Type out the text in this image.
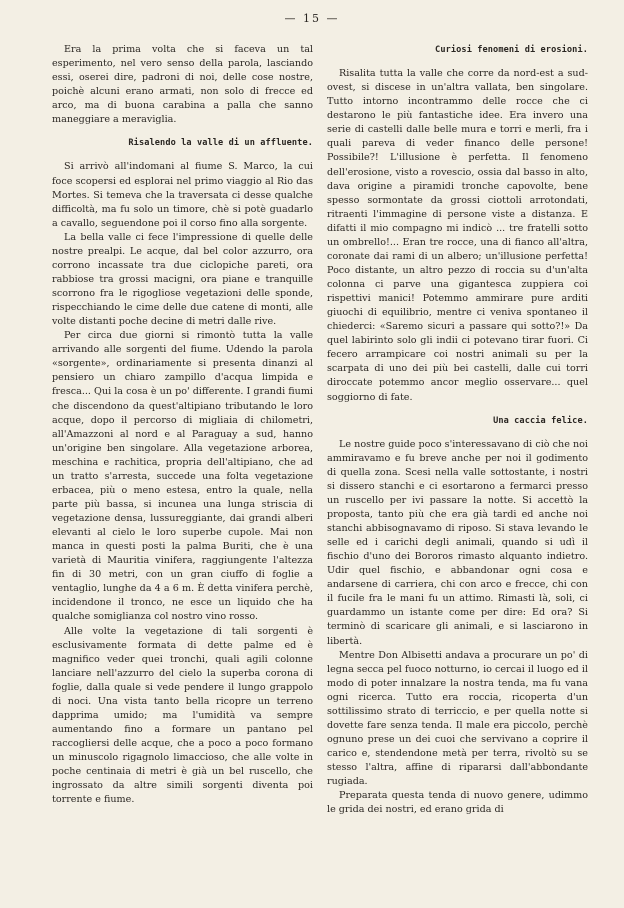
— 15 —

Era la prima volta che si faceva un tal esperimento, nel vero senso della parola, lasciando essi, oserei dire, padroni di noi, delle cose nostre, poichè alcuni erano armati, non solo di frecce ed arco, ma di buona carabina a palla che sanno maneggiare a meraviglia.

Risalendo la valle di un affluente.

Si arrivò all'indomani al fiume S. Marco, la cui foce scopersi ed esplorai nel primo viaggio al Rio das Mortes. Si temeva che la traversata ci desse qualche difficoltà, ma fu solo un timore, chè si potè guadarlo a cavallo, seguendone poi il corso fino alla sorgente.

La bella valle ci fece l'impressione di quelle delle nostre prealpi. Le acque, dal bel color azzurro, ora corrono incassate tra due ciclopiche pareti, ora rabbiose tra grossi macigni, ora piane e tranquille scorrono fra le rigogliose vegetazioni delle sponde, rispecchiando le cime delle due catene di monti, alle volte distanti poche decine di metri dalle rive.

Per circa due giorni si rimontò tutta la valle arrivando alle sorgenti del fiume. Udendo la parola «sorgente», ordinariamente si presenta dinanzi al pensiero un chiaro zampillo d'acqua limpida e fresca... Qui la cosa è un po' differente. I grandi fiumi che discendono da quest'altipiano tributando le loro acque, dopo il percorso di migliaia di chilometri, all'Amazzoni al nord e al Paraguay a sud, hanno un'origine ben singolare. Alla vegetazione arborea, meschina e rachitica, propria dell'altipiano, che ad un tratto s'arresta, succede una folta vegetazione erbacea, più o meno estesa, entro la quale, nella parte più bassa, si incunea una lunga striscia di vegetazione densa, lussureggiante, dai grandi alberi elevanti al cielo le loro superbe cupole. Mai non manca in questi posti la palma Buriti, che è una varietà di Mauritia vinifera, raggiungente l'altezza fin di 30 metri, con un gran ciuffo di foglie a ventaglio, lunghe da 4 a 6 m. È detta vinifera perchè, incidendone il tronco, ne esce un liquido che ha qualche somiglianza col nostro vino rosso.

Alle volte la vegetazione di tali sorgenti è esclusivamente formata di dette palme ed è magnifico veder quei tronchi, quali agili colonne lanciare nell'azzurro del cielo la superba corona di foglie, dalla quale si vede pendere il lungo grappolo di noci. Una vista tanto bella ricopre un terreno dapprima umido; ma l'umidità va sempre aumentando fino a formare un pantano pel raccogliersi delle acque, che a poco a poco formano un minuscolo rigagnolo limaccioso, che alle volte in poche centinaia di metri è già un bel ruscello, che ingrossato da altre simili sorgenti diventa poi torrente e fiume.

Curiosi fenomeni di erosioni.

Risalita tutta la valle che corre da nord-est a sud-ovest, si discese in un'altra vallata, ben singolare. Tutto intorno incontrammo delle rocce che ci destarono le più fantastiche idee. Era invero una serie di castelli dalle belle mura e torri e merli, fra i quali pareva di veder financo delle persone! Possibile?! L'illusione è perfetta. Il fenomeno dell'erosione, visto a rovescio, ossia dal basso in alto, dava origine a piramidi tronche capovolte, bene spesso sormontate da grossi ciottoli arrotondati, ritraenti l'immagine di persone viste a distanza. E difatti il mio compagno mi indicò ... tre fratelli sotto un ombrello!... Eran tre rocce, una di fianco all'altra, coronate dai rami di un albero; un'illusione perfetta! Poco distante, un altro pezzo di roccia su d'un'alta colonna ci parve una gigantesca zuppiera coi rispettivi manici! Potemmo ammirare pure arditi giuochi di equilibrio, mentre ci veniva spontaneo il chiederci: «Saremo sicuri a passare qui sotto?!» Da quel labirinto solo gli indii ci potevano tirar fuori. Ci fecero arrampicare coi nostri animali su per la scarpata di uno dei più bei castelli, dalle cui torri diroccate potemmo ancor meglio osservare... quel soggiorno di fate.

Una caccia felice.

Le nostre guide poco s'interessavano di ciò che noi ammiravamo e fu breve anche per noi il godimento di quella zona. Scesi nella valle sottostante, i nostri si dissero stanchi e ci esortarono a fermarci presso un ruscello per ivi passare la notte. Si accettò la proposta, tanto più che era già tardi ed anche noi stanchi abbisognavamo di riposo. Si stava levando le selle ed i carichi degli animali, quando si udì il fischio d'uno dei Bororos rimasto alquanto indietro. Udir quel fischio, e abbandonar ogni cosa e andarsene di carriera, chi con arco e frecce, chi con il fucile fra le mani fu un attimo. Rimasti là, soli, ci guardammo un istante come per dire: Ed ora? Si terminò di scaricare gli animali, e si lasciarono in libertà.

Mentre Don Albisetti andava a procurare un po' di legna secca pel fuoco notturno, io cercai il luogo ed il modo di poter innalzare la nostra tenda, ma fu vana ogni ricerca. Tutto era roccia, ricoperta d'un sottilissimo strato di terriccio, e per quella notte si dovette fare senza tenda. Il male era piccolo, perchè ognuno prese un dei cuoi che servivano a coprire il carico e, stendendone metà per terra, rivoltò su se stesso l'altra, affine di ripararsi dall'abbondante rugiada.

Preparata questa tenda di nuovo genere, udimmo le grida dei nostri, ed erano grida di
